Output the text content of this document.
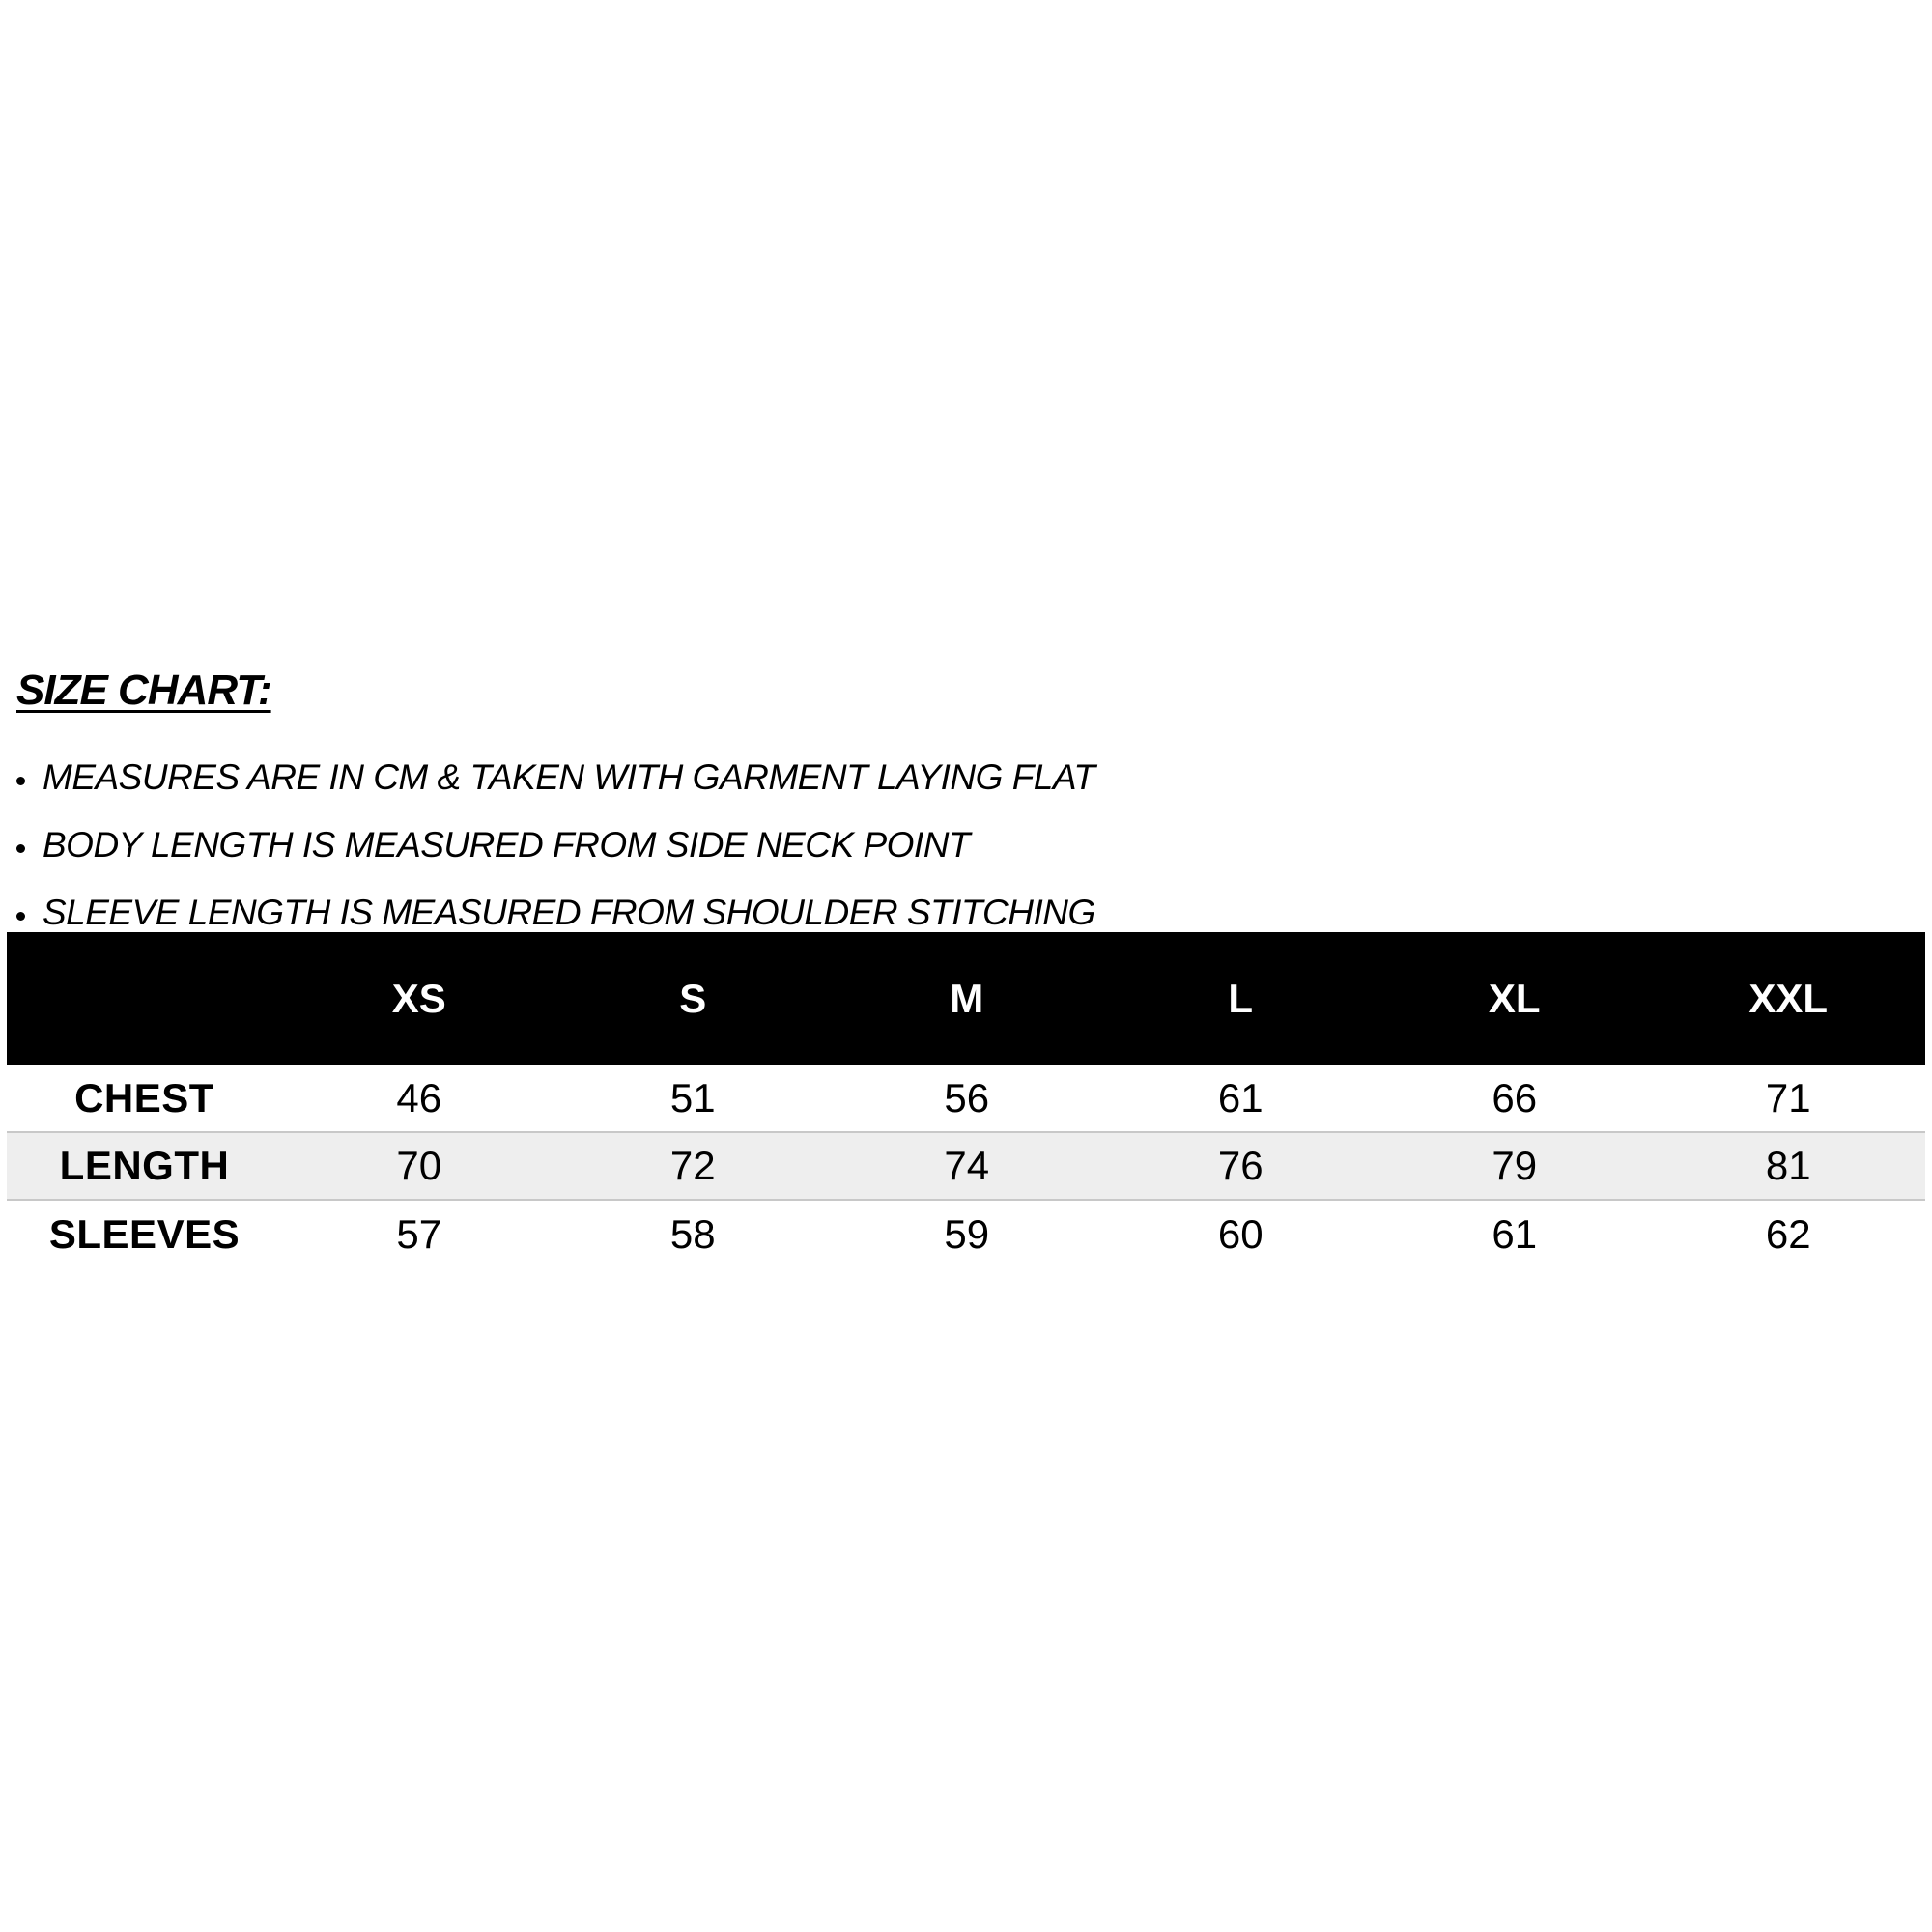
SIZE CHART:
MEASURES ARE IN CM & TAKEN WITH GARMENT LAYING FLAT
BODY LENGTH IS MEASURED FROM SIDE NECK POINT
SLEEVE LENGTH IS MEASURED FROM SHOULDER STITCHING
	XS	S	M	L	XL	XXL
CHEST	46	51	56	61	66	71
LENGTH	70	72	74	76	79	81
SLEEVES	57	58	59	60	61	62
